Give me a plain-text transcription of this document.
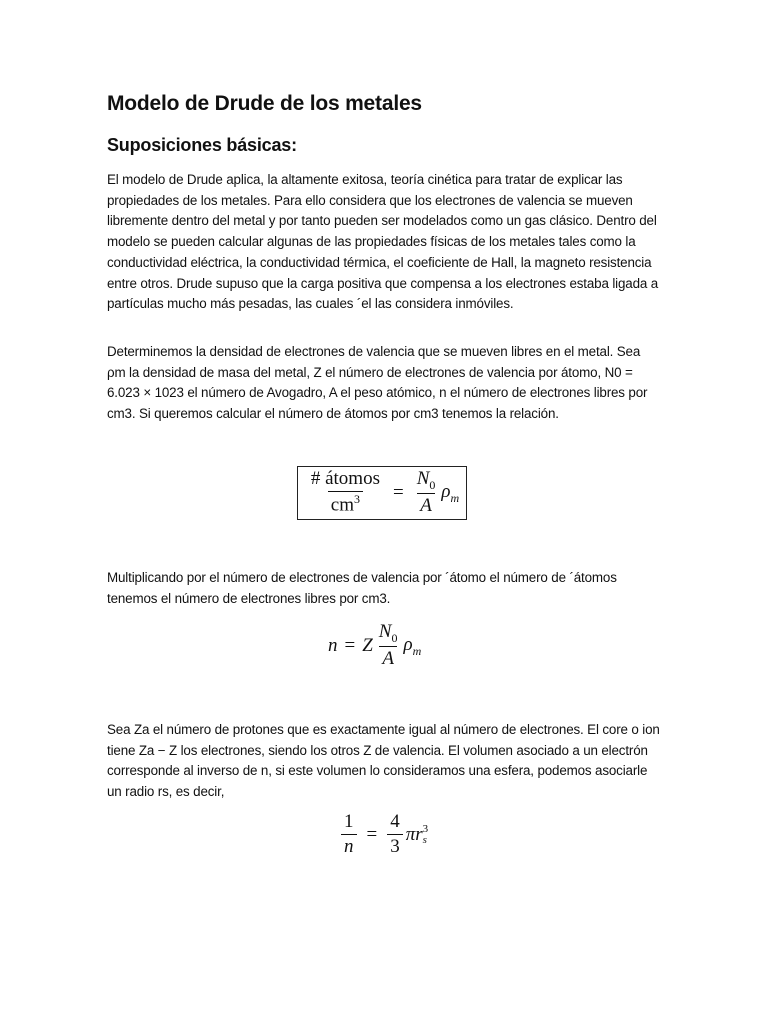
Modelo de Drude de los metales
Suposiciones básicas:

El modelo de Drude aplica, la altamente exitosa, teoría cinética para tratar de explicar las propiedades de los metales. Para ello considera que los electrones de valencia se mueven libremente dentro del metal y por tanto pueden ser modelados como un gas clásico. Dentro del modelo se pueden calcular algunas de las propiedades físicas de los metales tales como la conductividad eléctrica, la conductividad térmica, el coeficiente de Hall, la magneto resistencia entre otros. Drude supuso que la carga positiva que compensa a los electrones estaba ligada a partículas mucho más pesadas, las cuales ´el las considera inmóviles.

Determinemos la densidad de electrones de valencia que se mueven libres en el metal. Sea ρm la densidad de masa del metal, Z el número de electrones de valencia por átomo, N0 = 6.023 × 1023 el número de Avogadro, A el peso atómico, n el número de electrones libres por cm3. Si queremos calcular el número de átomos por cm3 tenemos la relación.

$\frac{\text{\# átomos}}{cm^3} = \frac{N_0}{A} \rho_m$

Multiplicando por el número de electrones de valencia por ´átomo el número de ´átomos tenemos el número de electrones libres por cm3.

n = Z $\frac{N_0}{A} \rho_m$

Sea Za el número de protones que es exactamente igual al número de electrones. El core o ion tiene Za − Z los electrones, siendo los otros Z de valencia. El volumen asociado a un electrón corresponde al inverso de n, si este volumen lo consideramos una esfera, podemos asociarle un radio rs, es decir,

$\frac{1}{n} = \frac{4}{3}$ π r 3
s
